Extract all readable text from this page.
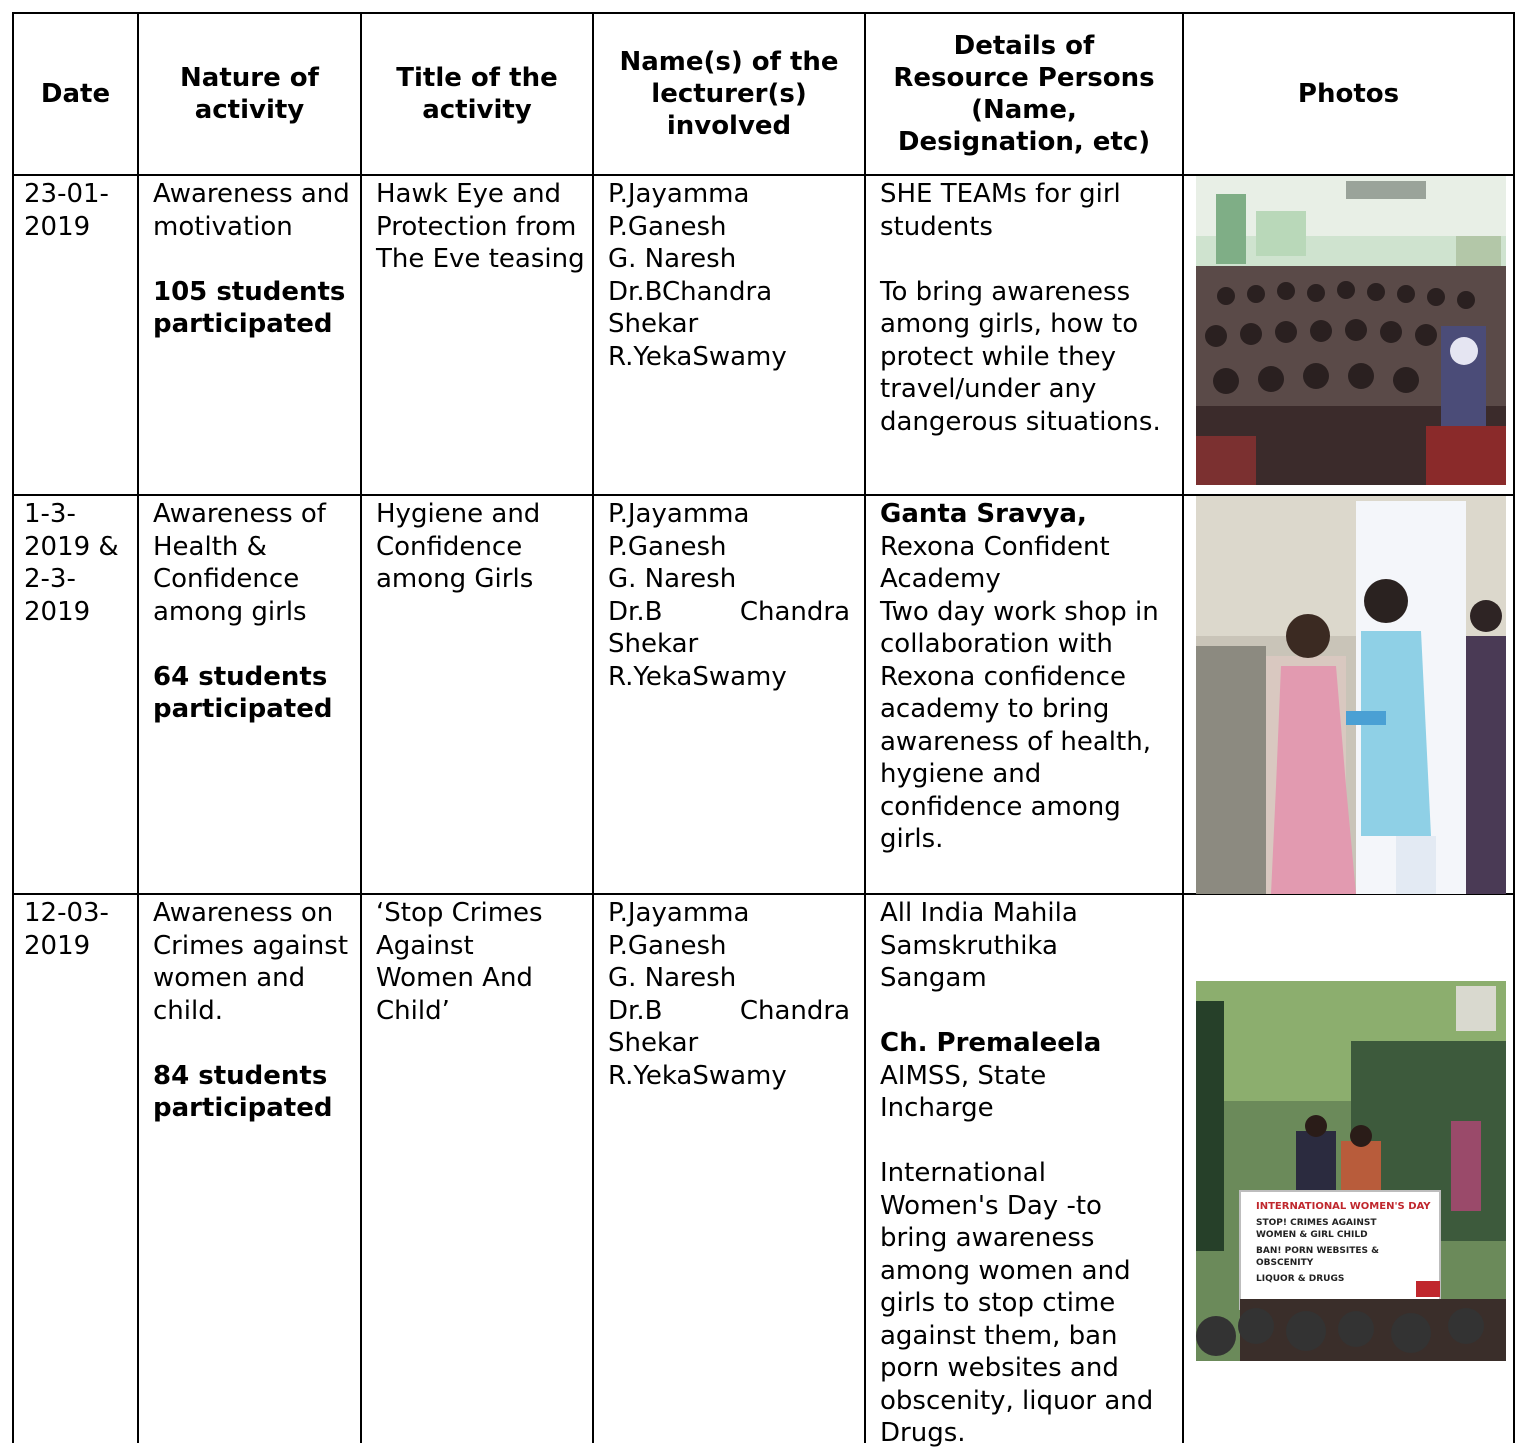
Date
Nature of activity
Title of the activity
Name(s) of the lecturer(s) involved
Details of Resource Persons (Name, Designation, etc)
Photos
23-01-2019

Awareness and motivation

105 students participated

Hawk Eye and Protection from The Eve teasing

P.Jayamma

P.Ganesh

G. Naresh

Dr.BChandra Shekar

R.YekaSwamy

SHE TEAMs for girl students

To bring awareness among girls, how to protect while they travel/under any dangerous situations.

1-3-2019 & 2-3-2019

Awareness of Health & Confidence among girls

64 students participated

Hygiene and Confidence among Girls

P.Jayamma

P.Ganesh

G. Naresh

Dr.B Chandra Shekar

R.YekaSwamy

Ganta Sravya,

Rexona Confident Academy

Two day work shop in collaboration with Rexona confidence academy to bring awareness of health, hygiene and confidence among girls.

12-03-2019

Awareness on Crimes against women and child.

84 students participated

‘Stop Crimes Against Women And Child’

P.Jayamma

P.Ganesh

G. Naresh

Dr.B Chandra Shekar

R.YekaSwamy

All India Mahila Samskruthika Sangam

Ch. Premaleela

AIMSS, State Incharge

International Women's Day -to bring awareness among women and girls to stop ctime against them, ban porn websites and obscenity, liquor and Drugs.

INTERNATIONAL WOMEN'S DAY
STOP! CRIMES AGAINST
WOMEN & GIRL CHILD
BAN! PORN WEBSITES &
OBSCENITY
LIQUOR & DRUGS
